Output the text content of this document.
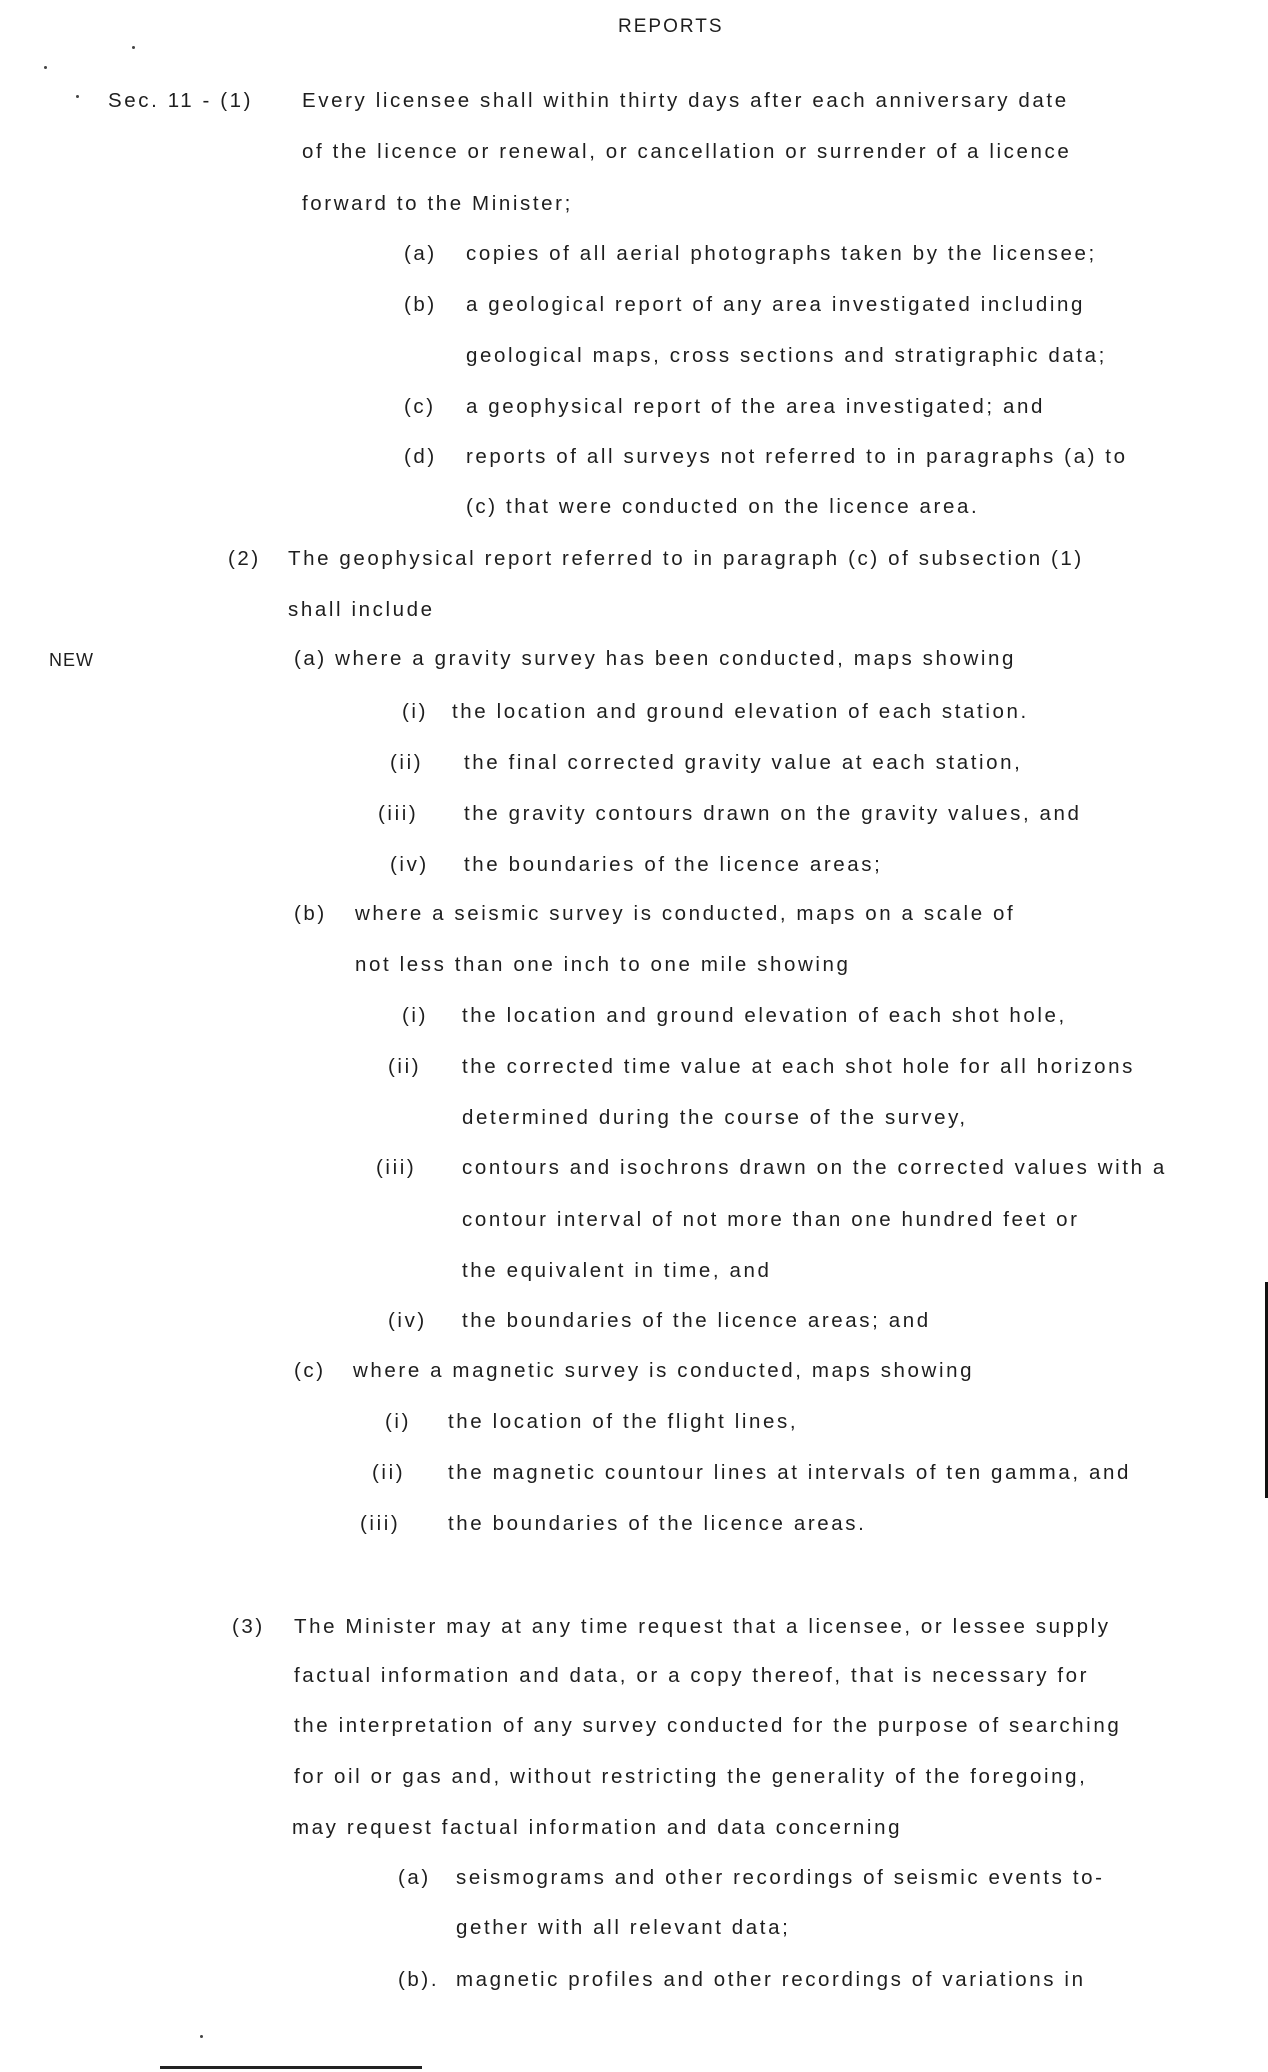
REPORTS
NEW
Sec. 11 - (1) Every licensee shall within thirty days after each anniversary date
of the licence or renewal, or cancellation or surrender of a licence
forward to the Minister;
(a) copies of all aerial photographs taken by the licensee;
(b) a geological report of any area investigated including
geological maps, cross sections and stratigraphic data;
(c) a geophysical report of the area investigated; and
(d) reports of all surveys not referred to in paragraphs (a) to
(c) that were conducted on the licence area.
(2) The geophysical report referred to in paragraph (c) of subsection (1)
shall include
(a) where a gravity survey has been conducted, maps showing
(i) the location and ground elevation of each station.
(ii) the final corrected gravity value at each station,
(iii) the gravity contours drawn on the gravity values, and
(iv) the boundaries of the licence areas;
(b) where a seismic survey is conducted, maps on a scale of
not less than one inch to one mile showing
(i) the location and ground elevation of each shot hole,
(ii) the corrected time value at each shot hole for all horizons
determined during the course of the survey,
(iii) contours and isochrons drawn on the corrected values with a
contour interval of not more than one hundred feet or
the equivalent in time, and
(iv) the boundaries of the licence areas; and
(c) where a magnetic survey is conducted, maps showing
(i) the location of the flight lines,
(ii) the magnetic countour lines at intervals of ten gamma, and
(iii) the boundaries of the licence areas.
(3) The Minister may at any time request that a licensee, or lessee supply
factual information and data, or a copy thereof, that is necessary for
the interpretation of any survey conducted for the purpose of searching
for oil or gas and, without restricting the generality of the foregoing,
may request factual information and data concerning
(a) seismograms and other recordings of seismic events to-
gether with all relevant data;
(b). magnetic profiles and other recordings of variations in
